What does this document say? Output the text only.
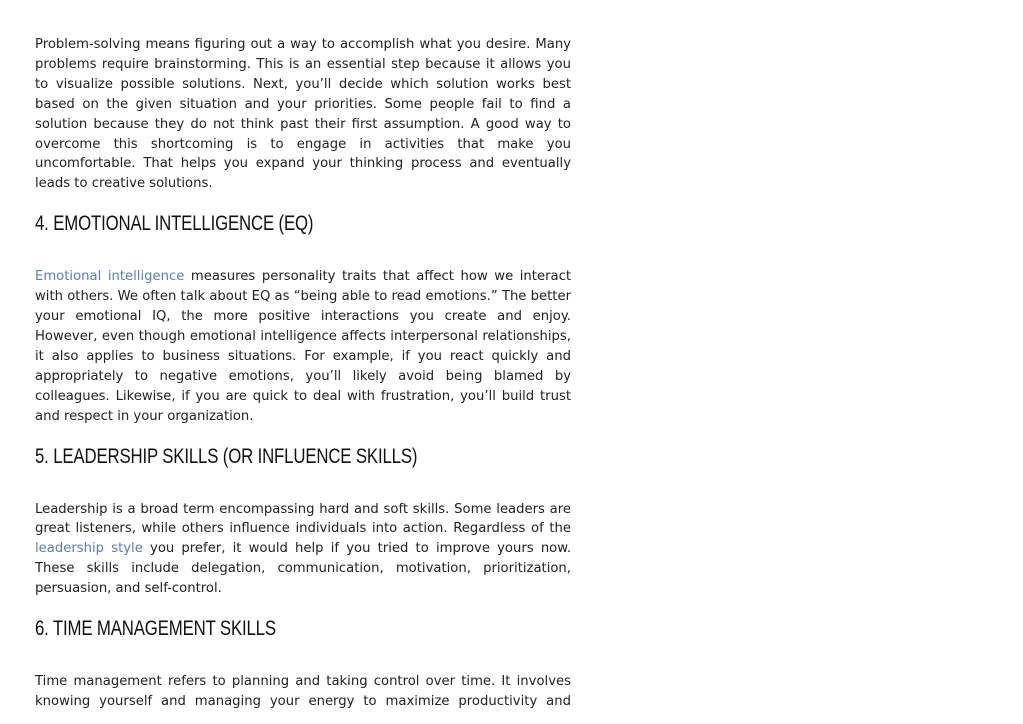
Problem-solving means figuring out a way to accomplish what you desire. Many problems require brainstorming. This is an essential step because it allows you to visualize possible solutions. Next, you’ll decide which solution works best based on the given situation and your priorities. Some people fail to find a solution because they do not think past their first assumption. A good way to overcome this shortcoming is to engage in activities that make you uncomfortable. That helps you expand your thinking process and eventually leads to creative solutions.

4. EMOTIONAL INTELLIGENCE (EQ)

Emotional intelligence measures personality traits that affect how we interact with others. We often talk about EQ as “being able to read emotions.” The better your emotional IQ, the more positive interactions you create and enjoy. However, even though emotional intelligence affects interpersonal relationships, it also applies to business situations. For example, if you react quickly and appropriately to negative emotions, you’ll likely avoid being blamed by colleagues. Likewise, if you are quick to deal with frustration, you’ll build trust and respect in your organization.

5. LEADERSHIP SKILLS (OR INFLUENCE SKILLS)

Leadership is a broad term encompassing hard and soft skills. Some leaders are great listeners, while others influence individuals into action. Regardless of the leadership style you prefer, it would help if you tried to improve yours now. These skills include delegation, communication, motivation, prioritization, persuasion, and self-control.

6. TIME MANAGEMENT SKILLS

Time management refers to planning and taking control over time. It involves knowing yourself and managing your energy to maximize productivity and
